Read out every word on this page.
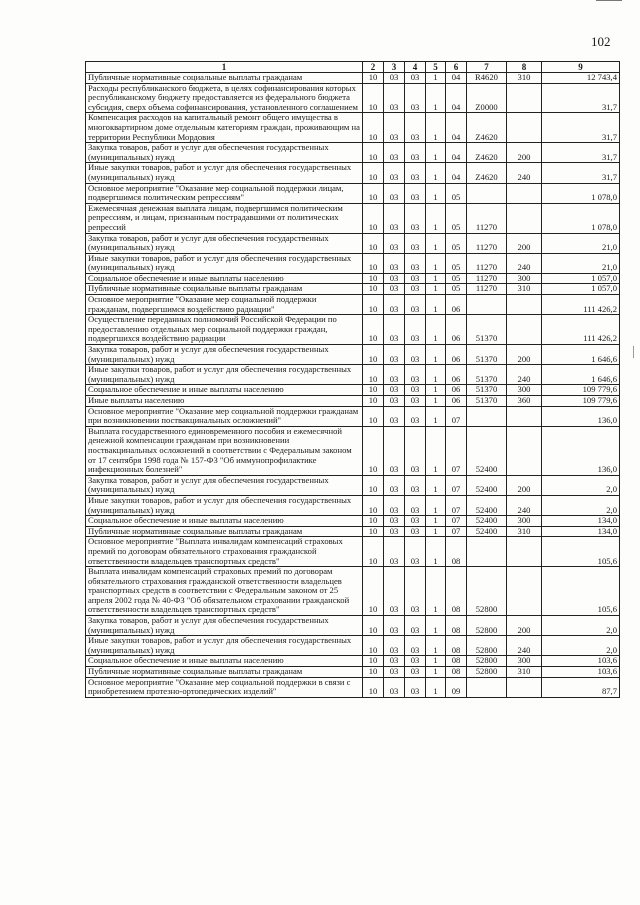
102
1	2	3	4	5	6	7	8	9
Публичные нормативные социальные выплаты гражданам	10	03	03	1	04	R4620	310	12 743,4
Расходы республиканского бюджета, в целях софинансирования которых республиканскому бюджету предоставляется из федерального бюджета субсидия, сверх объема софинансирования, установленного соглашением	10	03	03	1	04	Z0000		31,7
Компенсация расходов на капитальный ремонт общего имущества в многоквартирном доме отдельным категориям граждан, проживающим на территории Республики Мордовия	10	03	03	1	04	Z4620		31,7
Закупка товаров, работ и услуг для обеспечения государственных (муниципальных) нужд	10	03	03	1	04	Z4620	200	31,7
Иные закупки товаров, работ и услуг для обеспечения государственных (муниципальных) нужд	10	03	03	1	04	Z4620	240	31,7
Основное мероприятие "Оказание мер социальной поддержки лицам, подвергшимся политическим репрессиям"	10	03	03	1	05			1 078,0
Ежемесячная денежная выплата лицам, подвергшимся политическим репрессиям, и лицам, признанным пострадавшими от политических репрессий	10	03	03	1	05	11270		1 078,0
Закупка товаров, работ и услуг для обеспечения государственных (муниципальных) нужд	10	03	03	1	05	11270	200	21,0
Иные закупки товаров, работ и услуг для обеспечения государственных (муниципальных) нужд	10	03	03	1	05	11270	240	21,0
Социальное обеспечение и иные выплаты населению	10	03	03	1	05	11270	300	1 057,0
Публичные нормативные социальные выплаты гражданам	10	03	03	1	05	11270	310	1 057,0
Основное мероприятие "Оказание мер социальной поддержки гражданам, подвергшимся воздействию радиации"	10	03	03	1	06			111 426,2
Осуществление переданных полномочий Российской Федерации по предоставлению отдельных мер социальной поддержки граждан, подвергшихся воздействию радиации	10	03	03	1	06	51370		111 426,2
Закупка товаров, работ и услуг для обеспечения государственных (муниципальных) нужд	10	03	03	1	06	51370	200	1 646,6
Иные закупки товаров, работ и услуг для обеспечения государственных (муниципальных) нужд	10	03	03	1	06	51370	240	1 646,6
Социальное обеспечение и иные выплаты населению	10	03	03	1	06	51370	300	109 779,6
Иные выплаты населению	10	03	03	1	06	51370	360	109 779,6
Основное мероприятие "Оказание мер социальной поддержки гражданам при возникновении поствакцинальных осложнений"	10	03	03	1	07			136,0
Выплата государственного единовременного пособия и ежемесячной денежной компенсации гражданам при возникновении поствакцинальных осложнений в соответствии с Федеральным законом от 17 сентября 1998 года № 157-ФЗ "Об иммунопрофилактике инфекционных болезней"	10	03	03	1	07	52400		136,0
Закупка товаров, работ и услуг для обеспечения государственных (муниципальных) нужд	10	03	03	1	07	52400	200	2,0
Иные закупки товаров, работ и услуг для обеспечения государственных (муниципальных) нужд	10	03	03	1	07	52400	240	2,0
Социальное обеспечение и иные выплаты населению	10	03	03	1	07	52400	300	134,0
Публичные нормативные социальные выплаты гражданам	10	03	03	1	07	52400	310	134,0
Основное мероприятие "Выплата инвалидам компенсаций страховых премий по договорам обязательного страхования гражданской ответственности владельцев транспортных средств"	10	03	03	1	08			105,6
Выплата инвалидам компенсаций страховых премий по договорам обязательного страхования гражданской ответственности владельцев транспортных средств в соответствии с Федеральным законом от 25 апреля 2002 года № 40-ФЗ "Об обязательном страховании гражданской ответственности владельцев транспортных средств"	10	03	03	1	08	52800		105,6
Закупка товаров, работ и услуг для обеспечения государственных (муниципальных) нужд	10	03	03	1	08	52800	200	2,0
Иные закупки товаров, работ и услуг для обеспечения государственных (муниципальных) нужд	10	03	03	1	08	52800	240	2,0
Социальное обеспечение и иные выплаты населению	10	03	03	1	08	52800	300	103,6
Публичные нормативные социальные выплаты гражданам	10	03	03	1	08	52800	310	103,6
Основное мероприятие "Оказание мер социальной поддержки в связи с приобретением протезно-ортопедических изделий"	10	03	03	1	09			87,7
